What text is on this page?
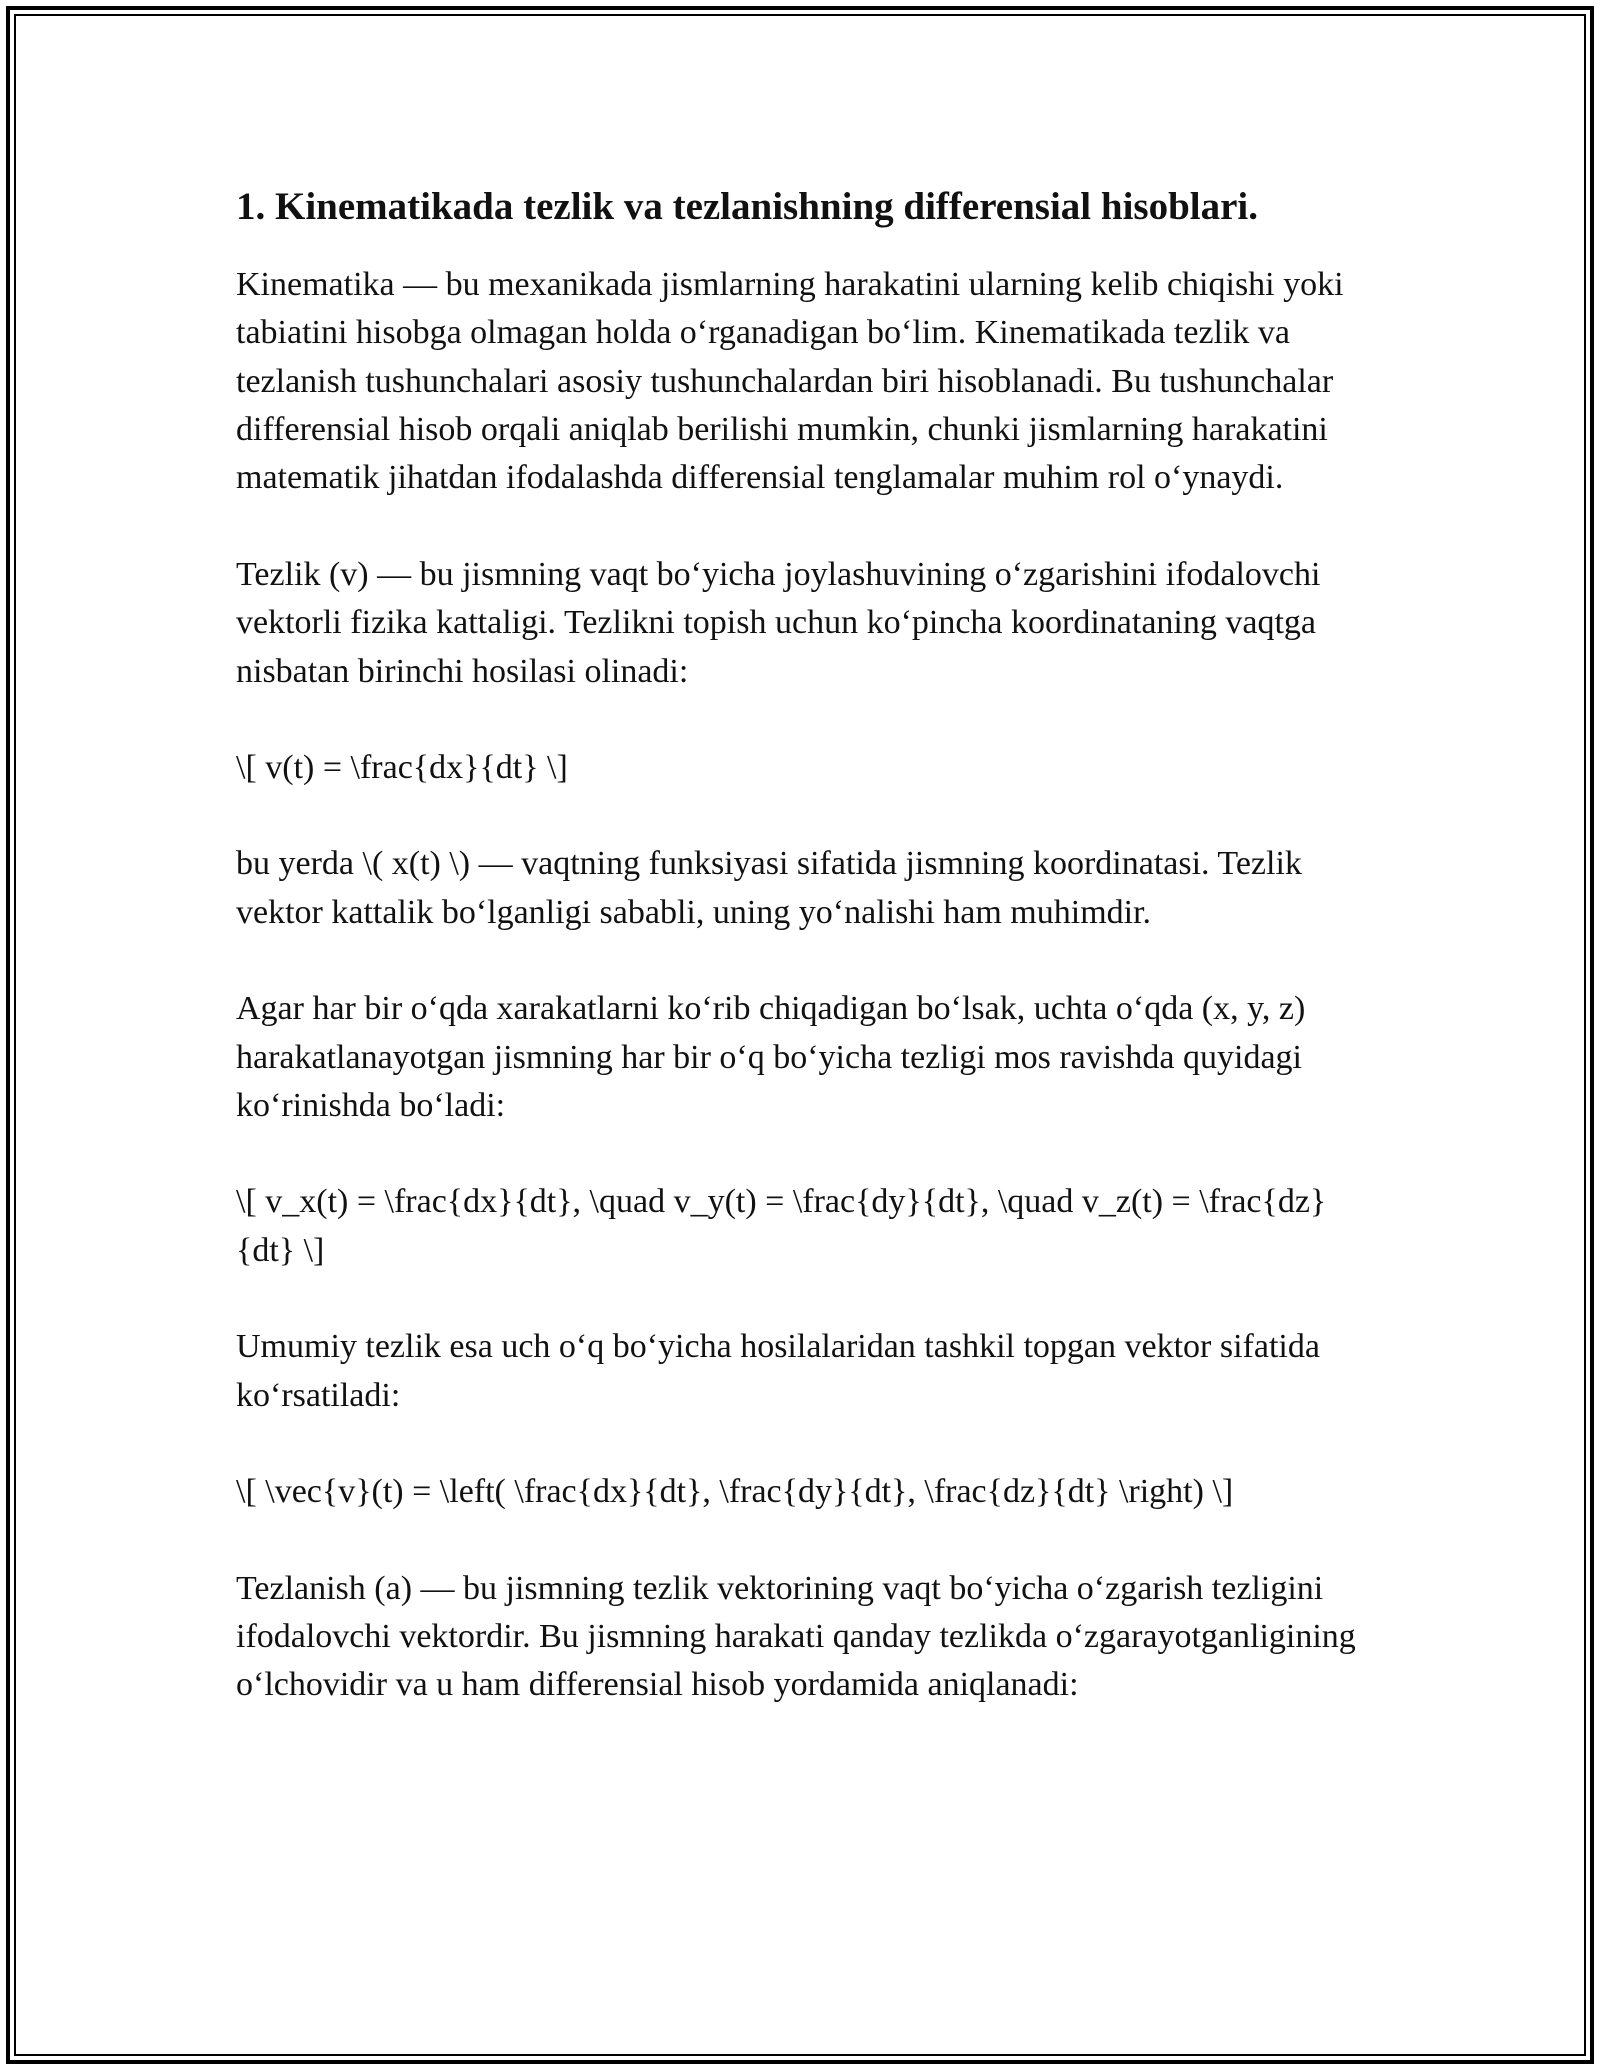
1. Kinematikada tezlik va tezlanishning differensial hisoblari.

Kinematika — bu mexanikada jismlarning harakatini ularning kelib chiqishi yoki tabiatini hisobga olmagan holda oʻrganadigan boʻlim. Kinematikada tezlik va tezlanish tushunchalari asosiy tushunchalardan biri hisoblanadi. Bu tushunchalar differensial hisob orqali aniqlab berilishi mumkin, chunki jismlarning harakatini matematik jihatdan ifodalashda differensial tenglamalar muhim rol oʻynaydi.

Tezlik (v) — bu jismning vaqt boʻyicha joylashuvining oʻzgarishini ifodalovchi vektorli fizika kattaligi. Tezlikni topish uchun koʻpincha koordinataning vaqtga nisbatan birinchi hosilasi olinadi:

\[ v(t) = \frac{dx}{dt} \]

bu yerda \( x(t) \) — vaqtning funksiyasi sifatida jismning koordinatasi. Tezlik vektor kattalik boʻlganligi sababli, uning yoʻnalishi ham muhimdir.

Agar har bir oʻqda xarakatlarni koʻrib chiqadigan boʻlsak, uchta oʻqda (x, y, z) harakatlanayotgan jismning har bir oʻq boʻyicha tezligi mos ravishda quyidagi koʻrinishda boʻladi:

\[ v_x(t) = \frac{dx}{dt}, \quad v_y(t) = \frac{dy}{dt}, \quad v_z(t) = \frac{dz}{dt} \]

Umumiy tezlik esa uch oʻq boʻyicha hosilalaridan tashkil topgan vektor sifatida koʻrsatiladi:

\[ \vec{v}(t) = \left( \frac{dx}{dt}, \frac{dy}{dt}, \frac{dz}{dt} \right) \]

Tezlanish (a) — bu jismning tezlik vektorining vaqt boʻyicha oʻzgarish tezligini ifodalovchi vektordir. Bu jismning harakati qanday tezlikda oʻzgarayotganligining oʻlchovidir va u ham differensial hisob yordamida aniqlanadi:
